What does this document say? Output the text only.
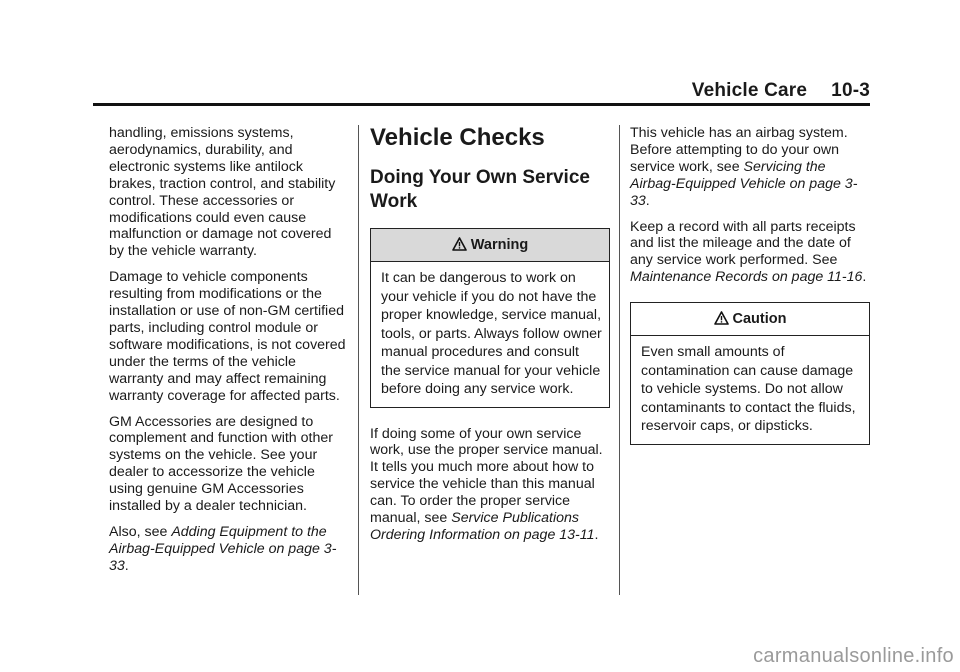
Vehicle Care 10-3

handling, emissions systems, aerodynamics, durability, and electronic systems like antilock brakes, traction control, and stability control. These accessories or modifications could even cause malfunction or damage not covered by the vehicle warranty.

Damage to vehicle components resulting from modifications or the installation or use of non-GM certified parts, including control module or software modifications, is not covered under the terms of the vehicle warranty and may affect remaining warranty coverage for affected parts.

GM Accessories are designed to complement and function with other systems on the vehicle. See your dealer to accessorize the vehicle using genuine GM Accessories installed by a dealer technician.

Also, see Adding Equipment to the Airbag-Equipped Vehicle on page 3-33.

Vehicle Checks
Doing Your Own Service Work
Warning
It can be dangerous to work on your vehicle if you do not have the proper knowledge, service manual, tools, or parts. Always follow owner manual procedures and consult the service manual for your vehicle before doing any service work.

If doing some of your own service work, use the proper service manual. It tells you much more about how to service the vehicle than this manual can. To order the proper service manual, see Service Publications Ordering Information on page 13-11.

This vehicle has an airbag system. Before attempting to do your own service work, see Servicing the Airbag-Equipped Vehicle on page 3-33.

Keep a record with all parts receipts and list the mileage and the date of any service work performed. See Maintenance Records on page 11-16.

Caution
Even small amounts of contamination can cause damage to vehicle systems. Do not allow contaminants to contact the fluids, reservoir caps, or dipsticks.
carmanualsonline.info
